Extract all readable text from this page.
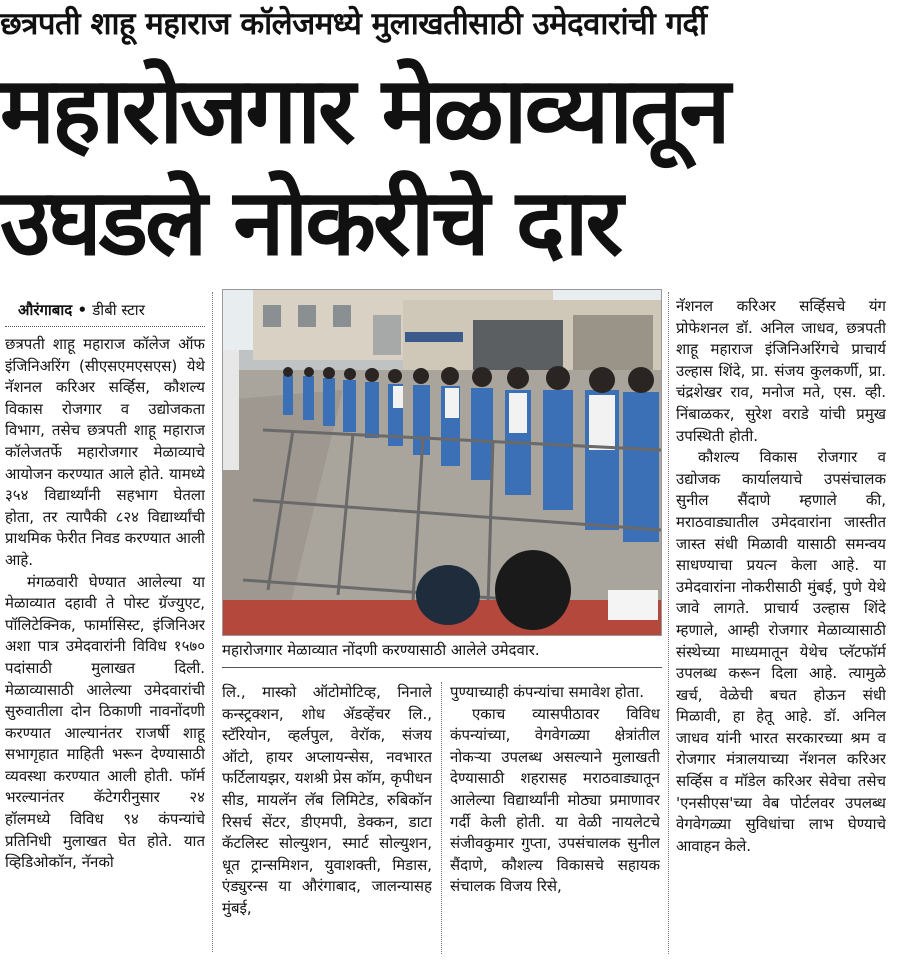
छत्रपती शाहू महाराज कॉलेजमध्ये मुलाखतीसाठी उमेदवारांची गर्दी
महारोजगार मेळाव्यातून
उघडले नोकरीचे दार
औरंगाबाद • डीबी स्टार

छत्रपती शाहू महाराज कॉलेज ऑफ इंजिनिअरिंग (सीएसएमएसएस) येथे नॅशनल करिअर सर्व्हिस, कौशल्य विकास रोजगार व उद्योजकता विभाग, तसेच छत्रपती शाहू महाराज कॉलेजतर्फे महारोजगार मेळाव्याचे आयोजन करण्यात आले होते. यामध्ये ३५४ विद्यार्थ्यांनी सहभाग घेतला होता, तर त्यापैकी ८२४ विद्यार्थ्यांची प्राथमिक फेरीत निवड करण्यात आली आहे.

मंगळवारी घेण्यात आलेल्या या मेळाव्यात दहावी ते पोस्ट ग्रॅज्युएट, पॉलिटेक्निक, फार्मासिस्ट, इंजिनिअर अशा पात्र उमेदवारांनी विविध १५७० पदांसाठी मुलाखत दिली. मेळाव्यासाठी आलेल्या उमेदवारांची सुरुवातीला दोन ठिकाणी नावनोंदणी करण्यात आल्यानंतर राजर्षी शाहू सभागृहात माहिती भरून देण्यासाठी व्यवस्था करण्यात आली होती. फॉर्म भरल्यानंतर कॅटेगरीनुसार २४ हॉलमध्ये विविध ९४ कंपन्यांचे प्रतिनिधी मुलाखत घेत होते. यात व्हिडिओकॉन, नॅनको

महारोजगार मेळाव्यात नोंदणी करण्यासाठी आलेले उमेदवार.

लि., मास्को ऑटोमोटिव्ह, निनाले कन्स्ट्रक्शन, शोध ॲडव्हेंचर लि., स्टॅरियोन, व्हर्लपुल, वेरॉक, संजय ऑटो, हायर अप्लायन्सेस, नवभारत फर्टिलायझर, यशश्री प्रेस कॉम, कृपीधन सीड, मायलॅन लॅब लिमिटेड, रुबिकॉन रिसर्च सेंटर, डीएमपी, डेक्कन, डाटा कॅटलिस्ट सोल्युशन, स्मार्ट सोल्युशन, धूत ट्रान्समिशन, युवाशक्ती, मिडास, एंड्युरन्स या औरंगाबाद, जालन्यासह मुंबई,

पुण्याच्याही कंपन्यांचा समावेश होता.

एकाच व्यासपीठावर विविध कंपन्यांच्या, वेगवेगळ्या क्षेत्रांतील नोकऱ्या उपलब्ध असल्याने मुलाखती देण्यासाठी शहरासह मराठवाड्यातून आलेल्या विद्यार्थ्यांनी मोठ्या प्रमाणावर गर्दी केली होती. या वेळी नायलेटचे संजीवकुमार गुप्ता, उपसंचालक सुनील सैंदाणे, कौशल्य विकासचे सहायक संचालक विजय रिसे,

नॅशनल करिअर सर्व्हिसचे यंग प्रोफेशनल डॉ. अनिल जाधव, छत्रपती शाहू महाराज इंजिनिअरिंगचे प्राचार्य उल्हास शिंदे, प्रा. संजय कुलकर्णी, प्रा. चंद्रशेखर राव, मनोज मते, एस. व्ही. निंबाळकर, सुरेश वराडे यांची प्रमुख उपस्थिती होती.

कौशल्य विकास रोजगार व उद्योजक कार्यालयाचे उपसंचालक सुनील सैंदाणे म्हणाले की, मराठवाड्यातील उमेदवारांना जास्तीत जास्त संधी मिळावी यासाठी समन्वय साधण्याचा प्रयत्न केला आहे. या उमेदवारांना नोकरीसाठी मुंबई, पुणे येथे जावे लागते. प्राचार्य उल्हास शिंदे म्हणाले, आम्ही रोजगार मेळाव्यासाठी संस्थेच्या माध्यमातून येथेच प्लॅटफॉर्म उपलब्ध करून दिला आहे. त्यामुळे खर्च, वेळेची बचत होऊन संधी मिळावी, हा हेतू आहे. डॉ. अनिल जाधव यांनी भारत सरकारच्या श्रम व रोजगार मंत्रालयाच्या नॅशनल करिअर सर्व्हिस व मॉडेल करिअर सेवेचा तसेच 'एनसीएस'च्या वेब पोर्टलवर उपलब्ध वेगवेगळ्या सुविधांचा लाभ घेण्याचे आवाहन केले.
